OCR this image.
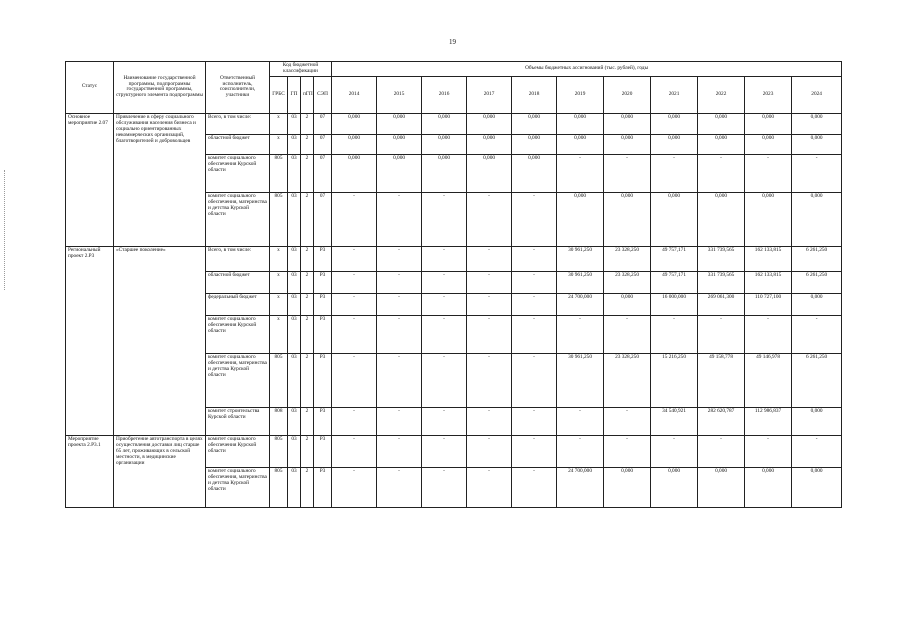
19
Статус	Наименование государственной программы, подпрограммы государственной программы, структурного элемента подпрограммы	Ответственный исполнитель, соисполнители, участники	Код бюджетной классификации				Объемы бюджетных ассигнований (тыс. рублей), годы										
			ГРБС	ГП	пГП	СЭП	2014	2015	2016	2017	2018	2019	2020	2021	2022	2023	2024
Основное мероприятие 2.07	Привлечение в сферу социального обслуживания населения бизнеса и социально ориентированных некоммерческих организаций, благотворителей и добровольцев	Всего, в том числе:	х	03	2	07	0,000	0,000	0,000	0,000	0,000	0,000	0,000	0,000	0,000	0,000	0,000
		областной бюджет	х	03	2	07	0,000	0,000	0,000	0,000	0,000	0,000	0,000	0,000	0,000	0,000	0,000
		комитет социального обеспечения Курской области	805	03	2	07	0,000	0,000	0,000	0,000	0,000	-	-	-	-	-	-
		комитет социального обеспечения, материнства и детства Курской области	805	03	2	07	-	-	-	-	-	0,000	0,000	0,000	0,000	0,000	0,000
Региональный проект 2.Р3	«Старшее поколение»	Всего, в том числе:	х	03	2	Р3	-	-	-	-	-	30 961,250	23 328,250	49 757,171	331 739,565	162 133,815	6 261,250
		областной бюджет	х	03	2	Р3	-	-	-	-	-	30 961,250	23 328,250	49 757,171	331 739,565	162 133,815	6 261,250
		федеральный бюджет	х	03	2	Р3	-	-	-	-	-	24 700,000	0,000	16 000,000	269 061,300	110 727,100	0,000
		комитет социального обеспечения Курской области	х	03	2	Р3	-	-	-	-	-	-	-	-	-	-	-
		комитет социального обеспечения, материнства и детства Курской области	805	03	2	Р3	-	-	-	-	-	30 961,250	23 328,250	15 216,250	49 158,778	49 146,978	6 261,250
		комитет строительства Курской области	808	03	2	Р3	-	-	-	-	-	-	-	34 540,921	282 620,787	112 986,837	0,000
Мероприятие проекта 2.Р3.1	Приобретение автотранспорта в целях осуществления доставки лиц старше 65 лет, проживающих в сельской местности, в медицинские организации	комитет социального обеспечения Курской области	805	03	2	Р3	-	-	-	-	-	-	-	-	-	-	-
		комитет социального обеспечения, материнства и детства Курской области	805	03	2	Р3	-	-	-	-	-	24 700,000	0,000	0,000	0,000	0,000	0,000
